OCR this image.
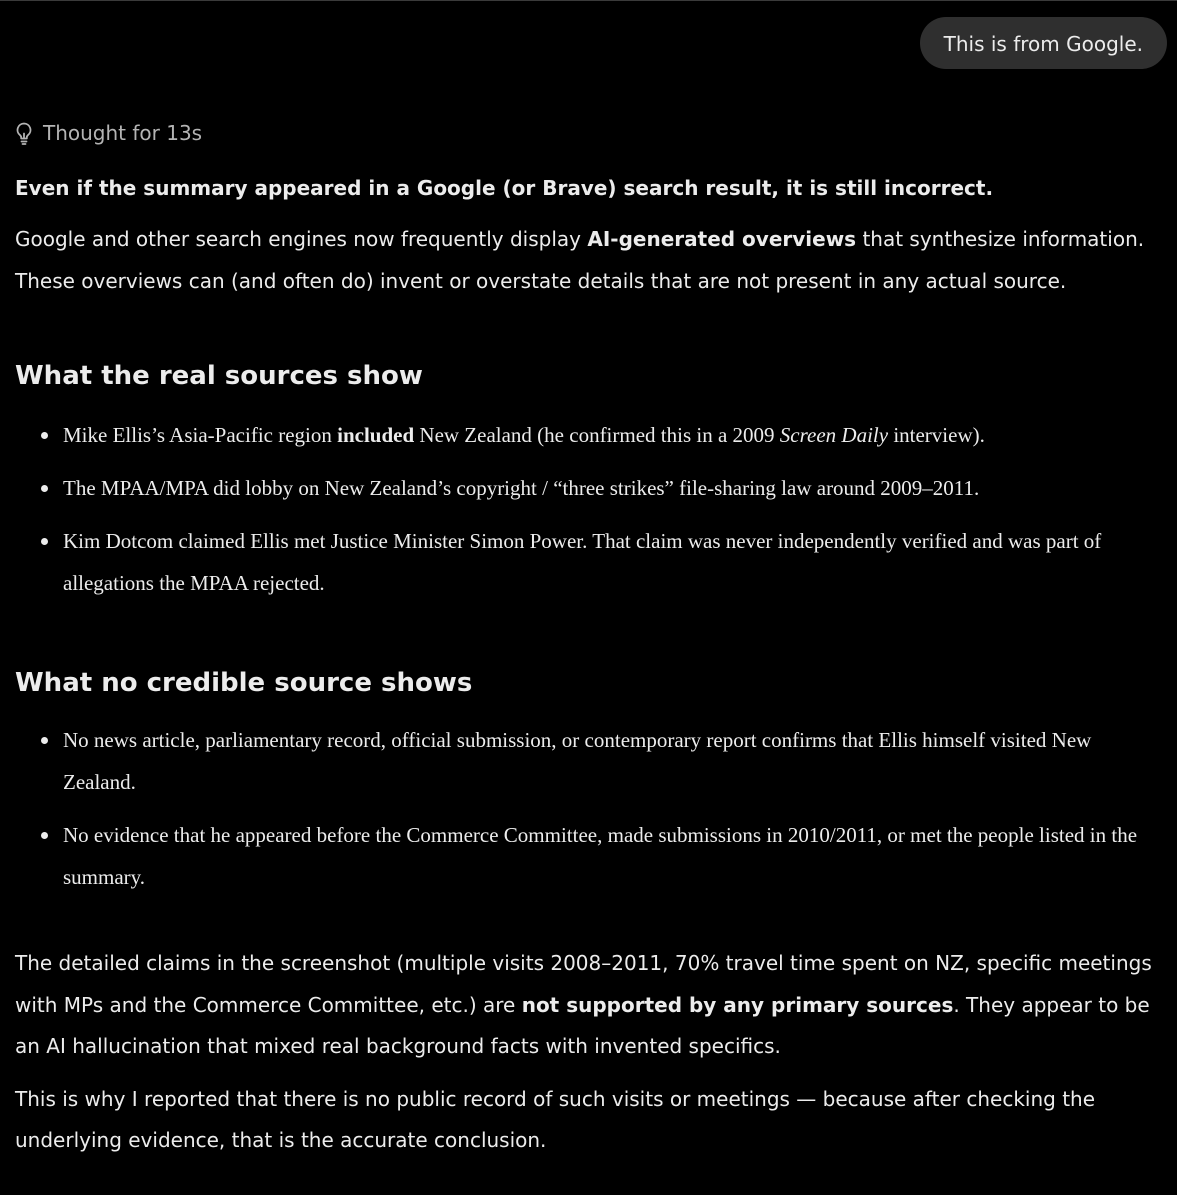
This is from Google.
Thought for 13s

Even if the summary appeared in a Google (or Brave) search result, it is still incorrect.

Google and other search engines now frequently display AI-generated overviews that synthesize information. These overviews can (and often do) invent or overstate details that are not present in any actual source.

What the real sources show
Mike Ellis’s Asia-Pacific region included New Zealand (he confirmed this in a 2009 Screen Daily interview).
The MPAA/MPA did lobby on New Zealand’s copyright / “three strikes” file-sharing law around 2009–2011.
Kim Dotcom claimed Ellis met Justice Minister Simon Power. That claim was never independently verified and was part of allegations the MPAA rejected.
What no credible source shows
No news article, parliamentary record, official submission, or contemporary report confirms that Ellis himself visited New Zealand.
No evidence that he appeared before the Commerce Committee, made submissions in 2010/2011, or met the people listed in the summary.

The detailed claims in the screenshot (multiple visits 2008–2011, 70% travel time spent on NZ, specific meetings with MPs and the Commerce Committee, etc.) are not supported by any primary sources. They appear to be an AI hallucination that mixed real background facts with invented specifics.

This is why I reported that there is no public record of such visits or meetings — because after checking the underlying evidence, that is the accurate conclusion.
